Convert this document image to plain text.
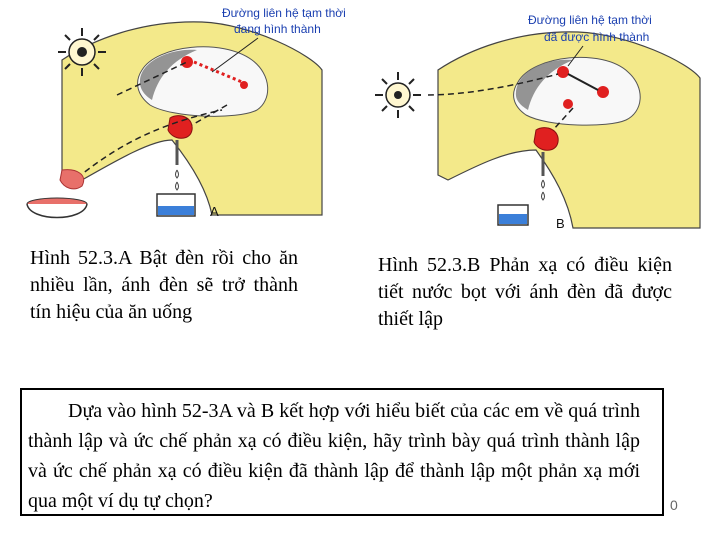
Đường liên hệ tạm thời
đang hình thành
A
Đường liên hệ tạm thời
đã được hình thành
B
Hình 52.3.A Bật đèn rồi cho ăn nhiều lần, ánh đèn sẽ trở thành tín hiệu của ăn uống
Hình 52.3.B Phản xạ có điều kiện tiết nước bọt với ánh đèn đã được thiết lập
Dựa vào hình 52-3A và B kết hợp với hiểu biết của các em về quá trình thành lập và ức chế phản xạ có điều kiện, hãy trình bày quá trình thành lập và ức chế phản xạ có điều kiện đã thành lập để thành lập một phản xạ mới qua một ví dụ tự chọn?	0
